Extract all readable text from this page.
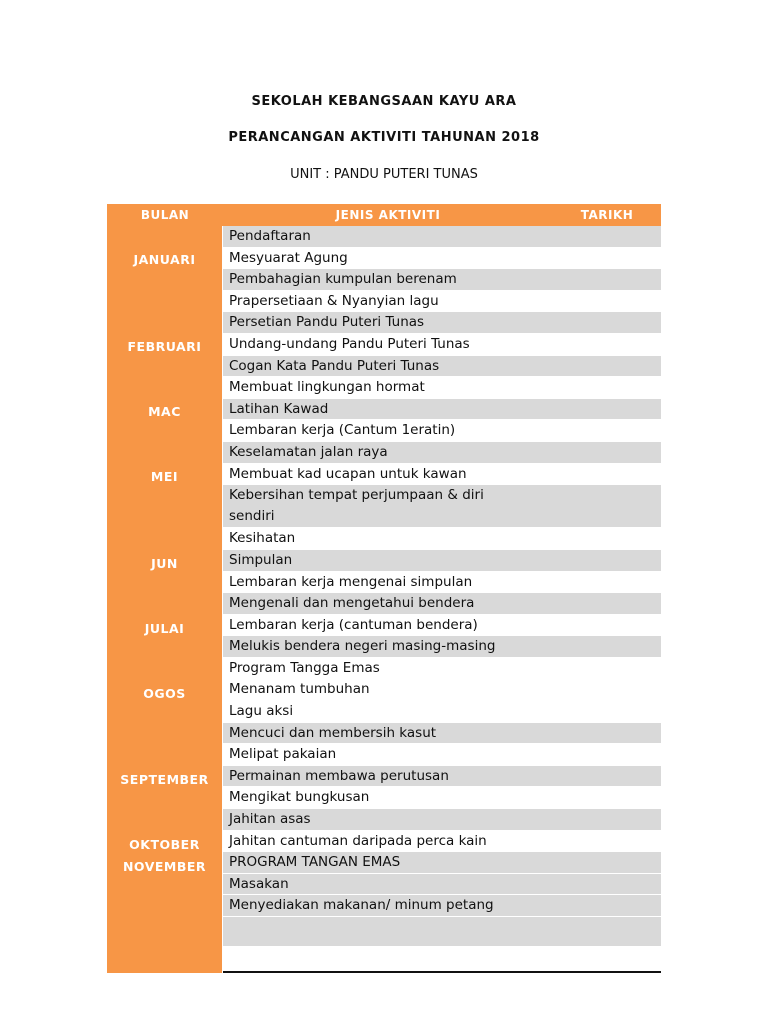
SEKOLAH KEBANGSAAN KAYU ARA
PERANCANGAN AKTIVITI TAHUNAN 2018
UNIT : PANDU PUTERI TUNAS
BULAN	JENIS AKTIVITI	TARIKH
JANUARI
FEBRUARI
MAC
MEI
JUN
JULAI
OGOS
SEPTEMBER
OKTOBER
NOVEMBER
Pendaftaran
Mesyuarat Agung
Pembahagian kumpulan berenam
Prapersetiaan & Nyanyian lagu
Persetian Pandu Puteri Tunas
Undang-undang Pandu Puteri Tunas
Cogan Kata Pandu Puteri Tunas
Membuat lingkungan hormat
Latihan Kawad
Lembaran kerja (Cantum 1eratin)
Keselamatan jalan raya
Membuat kad ucapan untuk kawan
Kebersihan tempat perjumpaan & diri sendiri
Kesihatan
Simpulan
Lembaran kerja mengenai simpulan
Mengenali dan mengetahui bendera
Lembaran kerja (cantuman bendera)
Melukis bendera negeri masing-masing
Program Tangga Emas
Menanam tumbuhan
Lagu aksi
Mencuci dan membersih kasut
Melipat pakaian
Permainan membawa perutusan
Mengikat bungkusan
Jahitan asas
Jahitan cantuman daripada perca kain
PROGRAM TANGAN EMAS
Masakan
Menyediakan makanan/ minum petang
